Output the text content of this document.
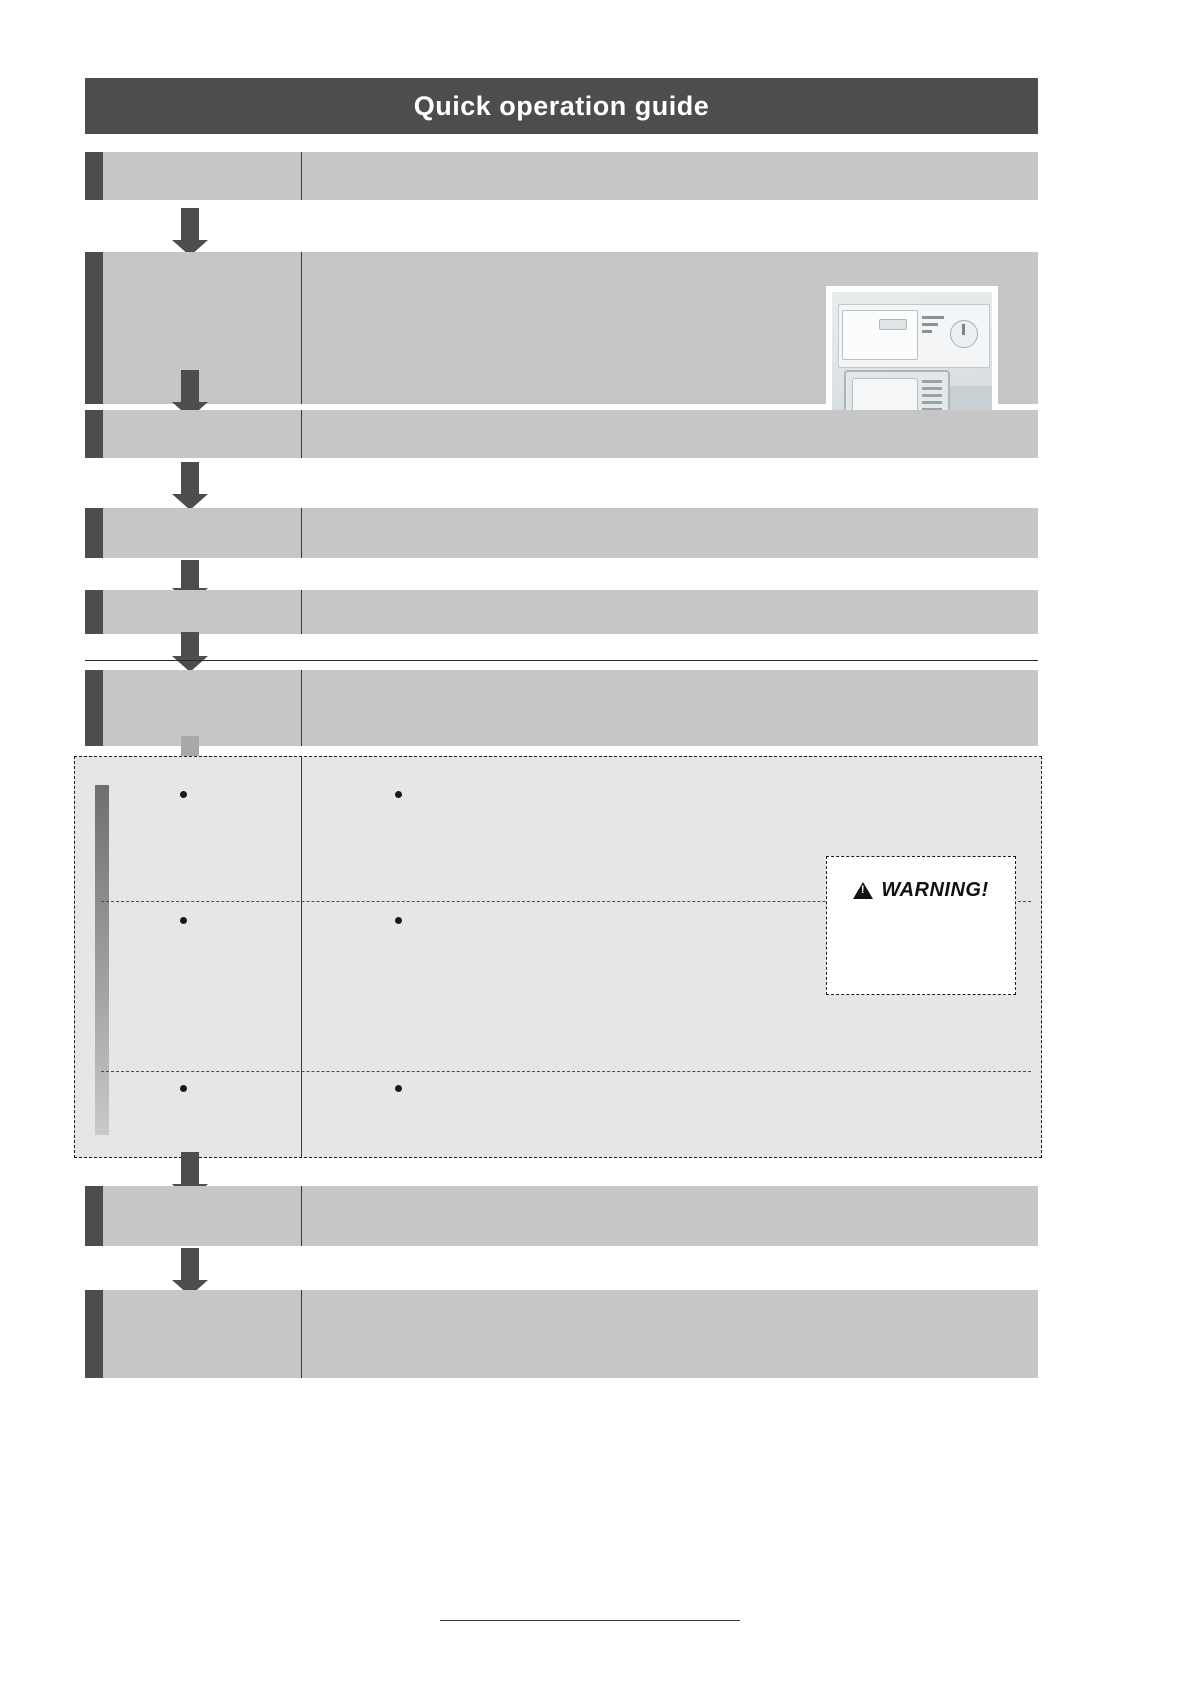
Quick operation guide
!
WARNING!
